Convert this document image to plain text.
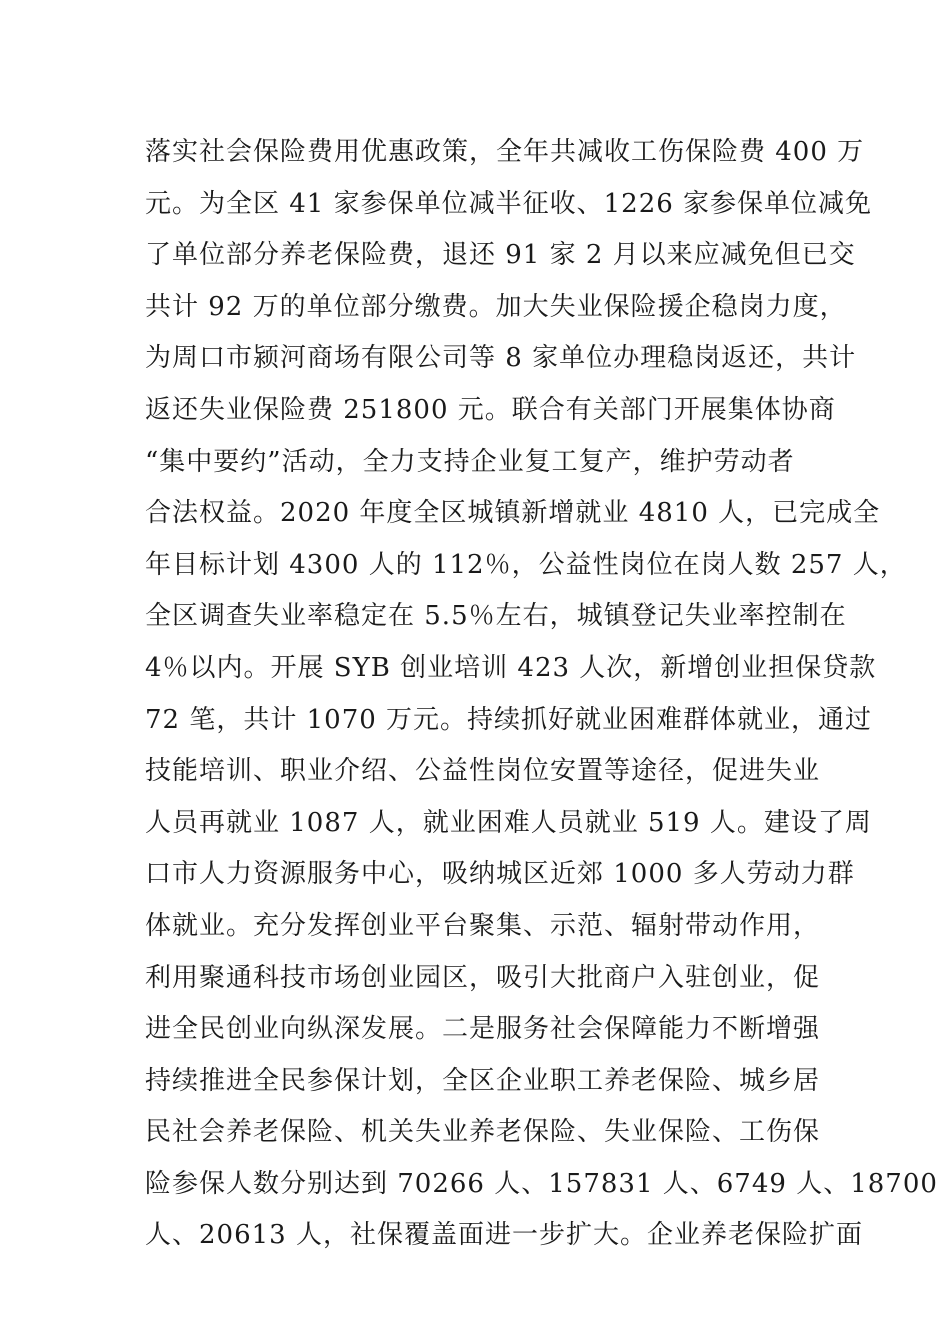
落实社会保险费用优惠政策，全年共减收工伤保险费 400 万
元。为全区 41 家参保单位减半征收、1226 家参保单位减免
了单位部分养老保险费，退还 91 家 2 月以来应减免但已交
共计 92 万的单位部分缴费。加大失业保险援企稳岗力度，
为周口市颍河商场有限公司等 8 家单位办理稳岗返还，共计
返还失业保险费 251800 元。联合有关部门开展集体协商
“集中要约”活动，全力支持企业复工复产，维护劳动者
合法权益。2020 年度全区城镇新增就业 4810 人，已完成全
年目标计划 4300 人的 112％，公益性岗位在岗人数 257 人，
全区调查失业率稳定在 5.5％左右，城镇登记失业率控制在
4％以内。开展 SYB 创业培训 423 人次，新增创业担保贷款
72 笔，共计 1070 万元。持续抓好就业困难群体就业，通过
技能培训、职业介绍、公益性岗位安置等途径，促进失业
人员再就业 1087 人，就业困难人员就业 519 人。建设了周
口市人力资源服务中心，吸纳城区近郊 1000 多人劳动力群
体就业。充分发挥创业平台聚集、示范、辐射带动作用，
利用聚通科技市场创业园区，吸引大批商户入驻创业，促
进全民创业向纵深发展。二是服务社会保障能力不断增强
持续推进全民参保计划，全区企业职工养老保险、城乡居
民社会养老保险、机关失业养老保险、失业保险、工伤保
险参保人数分别达到 70266 人、157831 人、6749 人、18700
人、20613 人，社保覆盖面进一步扩大。企业养老保险扩面
